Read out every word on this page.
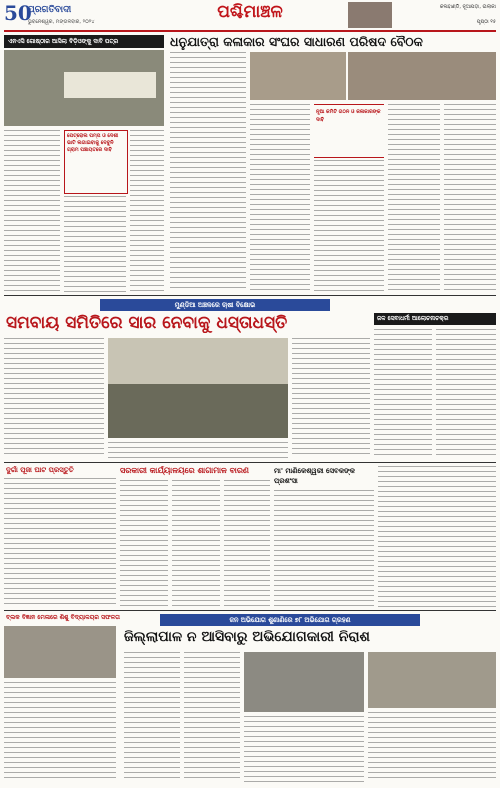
50
ପ୍ରଗତିବାଦୀ
ଭୁବନେଶ୍ୱର, ମଙ୍ଗଳବାର, ୨୦୨୪	ପଶ୍ଚିମାଞ୍ଚଳ	କଳାହାଣ୍ଡି, ନୂଆପଡ଼ା, ଇଲାକା
ପୃଷ୍ଠା ୧୫
ଏନଏସି ଗୋଷ୍ଠୀର ଆସିଲା ବିଡ଼ିଓଙ୍କୁ ଦାବି ପତ୍ର
ପେଟ୍ରୋଲ ପମ୍ପ ଓ ଦେଶୀ ଭାଟି ଲଗାଇବାକୁ ଦେବୁନି ଗ୍ରାମ ପଞ୍ଚାୟତରେ ଦାବି
ଧନୁଯାତ୍ରା କଳାକାର ସଂଘର ସାଧାରଣ ପରିଷଦ ବୈଠକ
ନୂଆ କମିଟି ଗଠନ ଓ କଳାକାରଙ୍କ ଦାବି
ମୁଣ୍ଡିଆ ଅଞ୍ଚଳରେ ଚାଷୀ ବିକ୍ଷୋଭ
ସମବାୟ ସମିତିରେ ସାର ନେବାକୁ ଧସ୍ତାଧସ୍ତି	ଜଳ ସେବାଧର୍ମୀ ଆଲୋଚନାଚକ୍ର
ଦୁର୍ଗା ପୂଜା ଘାଟ ପ୍ରସ୍ତୁତି	ସରକାରୀ କାର୍ଯ୍ୟାଳୟରେ ଶାଗାମାଳ ବାରଣ	ମା' ମାଣିକେଶ୍ୱରୀ ସେବକଙ୍କ ପ୍ରଶଂସା
ବ୍ଲକ ବିଜ୍ଞାନ ମେଳାରେ ଶିଶୁ ବିଦ୍ୟାଳୟର ସଫଳତା	ଜନ ଅଭିଯୋଗ ଶୁଣାଣିରେ ୭୮ ଅଭିଯୋଗ ଗ୍ରହଣ
ଜିଲ୍ଲାପାଳ ନ ଆସିବାରୁ ଅଭିଯୋଗକାରୀ ନିରାଶ
